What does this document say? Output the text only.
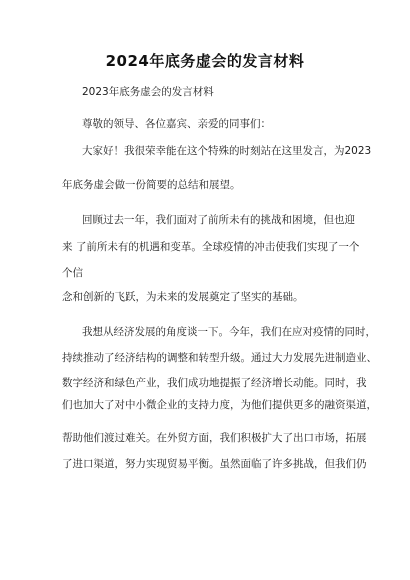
2024年底务虚会的发言材料
2023年底务虚会的发言材料
尊敬的领导、各位嘉宾、亲爱的同事们：
大家好！我很荣幸能在这个特殊的时刻站在这里发言，为2023
年底务虚会做一份简要的总结和展望。
回顾过去一年，我们面对了前所未有的挑战和困境，但也迎
来 了前所未有的机遇和变革。全球疫情的冲击使我们实现了一个
个信
念和创新的飞跃，为未来的发展奠定了坚实的基础。
我想从经济发展的角度谈一下。今年，我们在应对疫情的同时，
持续推动了经济结构的调整和转型升级。通过大力发展先进制造业、
数字经济和绿色产业，我们成功地提振了经济增长动能。同时，我
们也加大了对中小微企业的支持力度，为他们提供更多的融资渠道，
帮助他们渡过难关。在外贸方面，我们积极扩大了出口市场，拓展
了进口渠道，努力实现贸易平衡。虽然面临了许多挑战，但我们仍
